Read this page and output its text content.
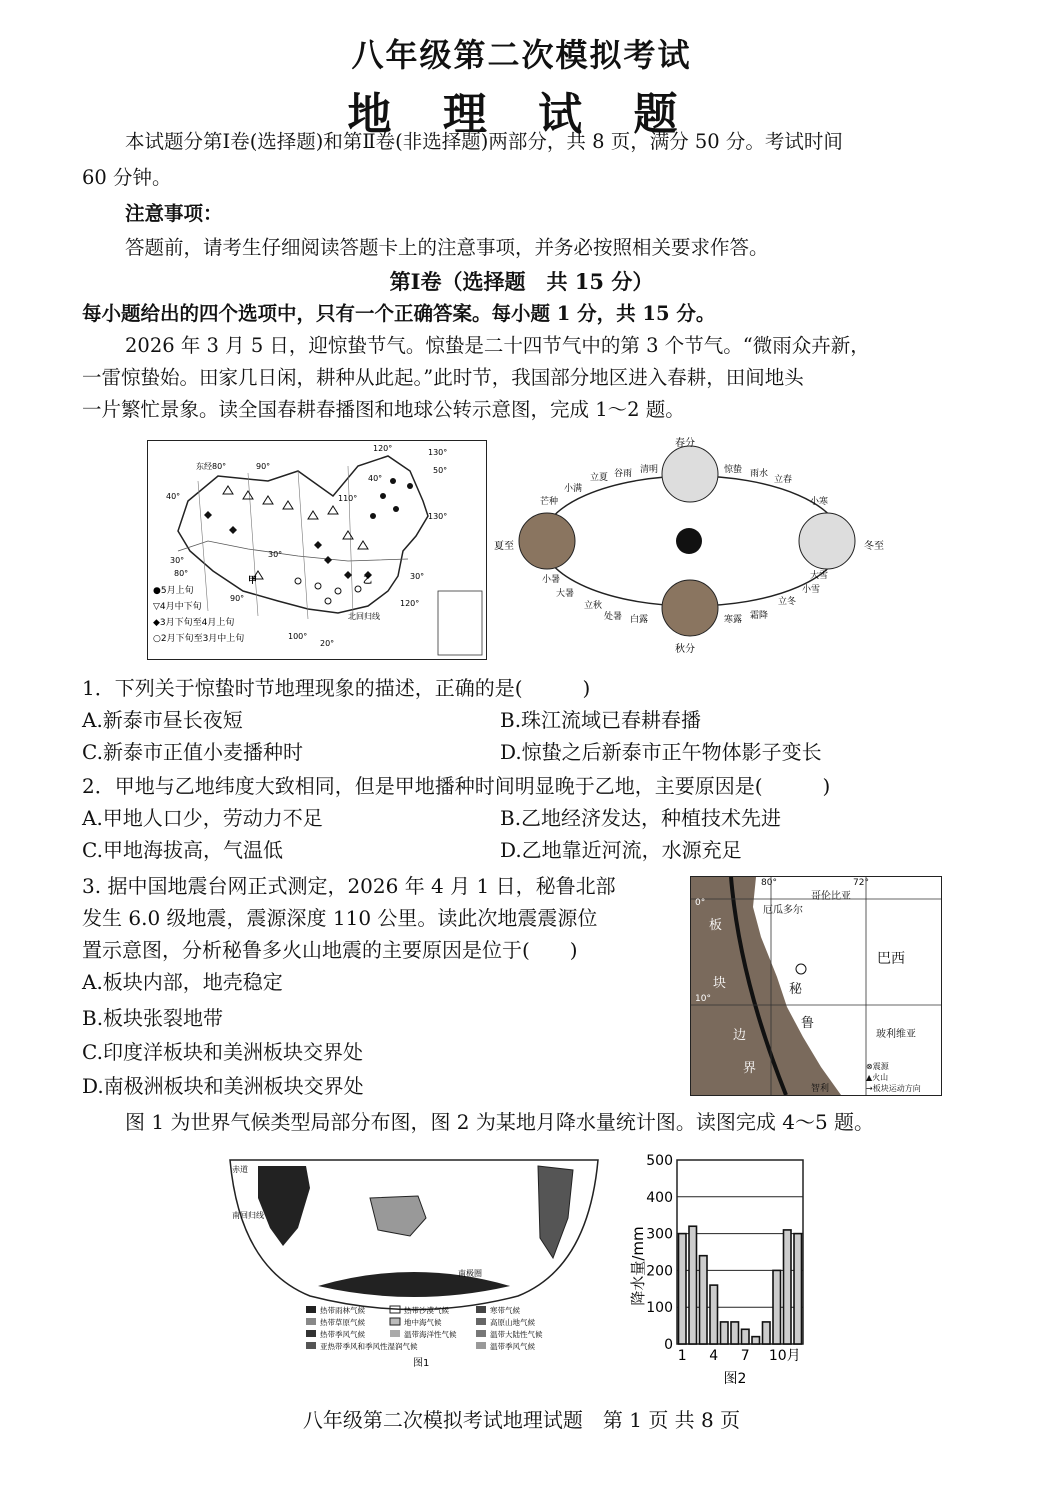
八年级第二次模拟考试
地 理 试 题
本试题分第Ⅰ卷(选择题)和第Ⅱ卷(非选择题)两部分，共 8 页，满分 50 分。考试时间
60 分钟。
注意事项：
答题前，请考生仔细阅读答题卡上的注意事项，并务必按照相关要求作答。
第Ⅰ卷（选择题　共 15 分）
每小题给出的四个选项中，只有一个正确答案。每小题 1 分，共 15 分。
2026 年 3 月 5 日，迎惊蛰节气。惊蛰是二十四节气中的第 3 个节气。“微雨众卉新，
一雷惊蛰始。田家几日闲，耕种从此起。”此时节，我国部分地区进入春耕，田间地头
一片繁忙景象。读全国春耕春播图和地球公转示意图，完成 1～2 题。
东经80°	90°
120°	130°
40°
50°
30°
20°
30°
100°
110°
80°
甲	乙
北回归线
120°
40°
30°
90°
130°
●5月上旬
▽4月中下旬
◆3月下旬至4月上旬
○2月下旬至3月中上旬
春分
夏至
秋分
冬至
芒种
小满
立夏 谷雨 清明	惊蛰 雨水
立春
小寒
小暑
大暑
立秋
处暑 白露	寒露 霜降
立冬
小雪
大雪
1．下列关于惊蛰时节地理现象的描述，正确的是(　　　)
A.新泰市昼长夜短	B.珠江流域已春耕春播
C.新泰市正值小麦播种时	D.惊蛰之后新泰市正午物体影子变长
2．甲地与乙地纬度大致相同，但是甲地播种时间明显晚于乙地，主要原因是(　　　)
A.甲地人口少，劳动力不足	B.乙地经济发达，种植技术先进
C.甲地海拔高，气温低	D.乙地靠近河流，水源充足
3. 据中国地震台网正式测定，2026 年 4 月 1 日，秘鲁北部
发生 6.0 级地震，震源深度 110 公里。读此次地震震源位
置示意图，分析秘鲁多火山地震的主要原因是位于(　　)
A.板块内部，地壳稳定
B.板块张裂地带
C.印度洋板块和美洲板块交界处
D.南极洲板块和美洲板块交界处
80°	72°
0°
10°
哥伦比亚
厄瓜多尔
巴西
秘
鲁
玻利维亚
板
块
边
界
智利
⊗震源
▲火山
→板块运动方向
图 1 为世界气候类型局部分布图，图 2 为某地月降水量统计图。读图完成 4～5 题。
赤道
南回归线
南极圈
热带雨林气候	热带沙漠气候	寒带气候
热带草原气候	地中海气候	高原山地气候
热带季风气候	温带海洋性气候	温带大陆性气候
亚热带季风和季风性湿润气候	温带季风气候
图1
降水量/mm
图2
0
100
200
300
400
500
1 4 7 10月
八年级第二次模拟考试地理试题　第 1 页 共 8 页
